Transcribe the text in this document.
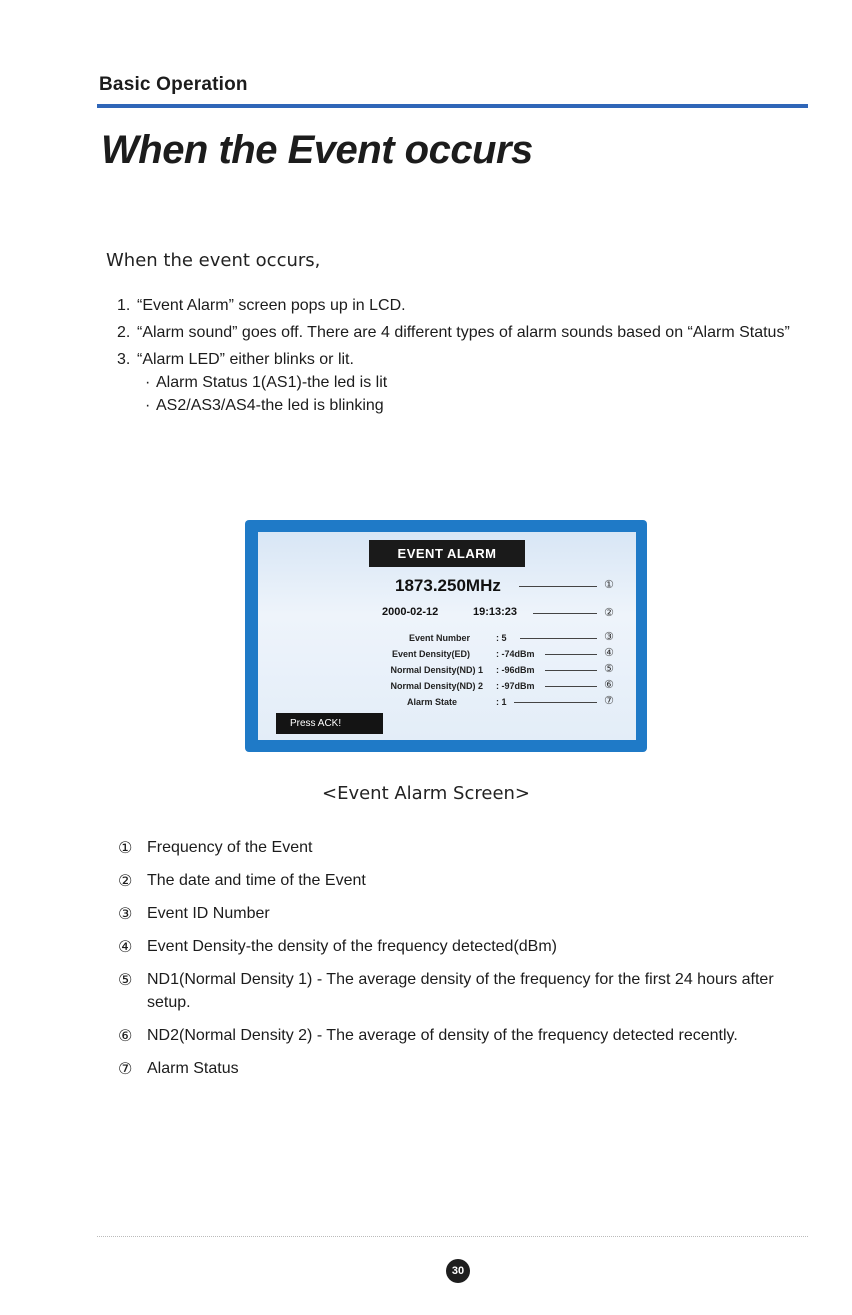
Basic Operation
When the Event occurs
When the event occurs,
1. “Event Alarm” screen pops up in LCD.
2. “Alarm sound” goes off. There are 4 different types of alarm sounds based on “Alarm Status”
3. “Alarm LED” either blinks or lit.
· Alarm Status 1(AS1)-the led is lit
· AS2/AS3/AS4-the led is blinking
EVENT ALARM
1873.250MHz	①
2000-02-12	19:13:23	②
Event Number	: 5	③
Event Density(ED)	: -74dBm	④
Normal Density(ND) 1 : -96dBm	⑤
Normal Density(ND) 2 : -97dBm	⑥
Alarm State	: 1	⑦
Press ACK!
<Event Alarm Screen>
① Frequency of the Event
② The date and time of the Event
③ Event ID Number
④ Event Density-the density of the frequency detected(dBm)
⑤ ND1(Normal Density 1) - The average density of the frequency for the first 24 hours after setup.
⑥ ND2(Normal Density 2) - The average of density of the frequency detected recently.
⑦ Alarm Status
30
